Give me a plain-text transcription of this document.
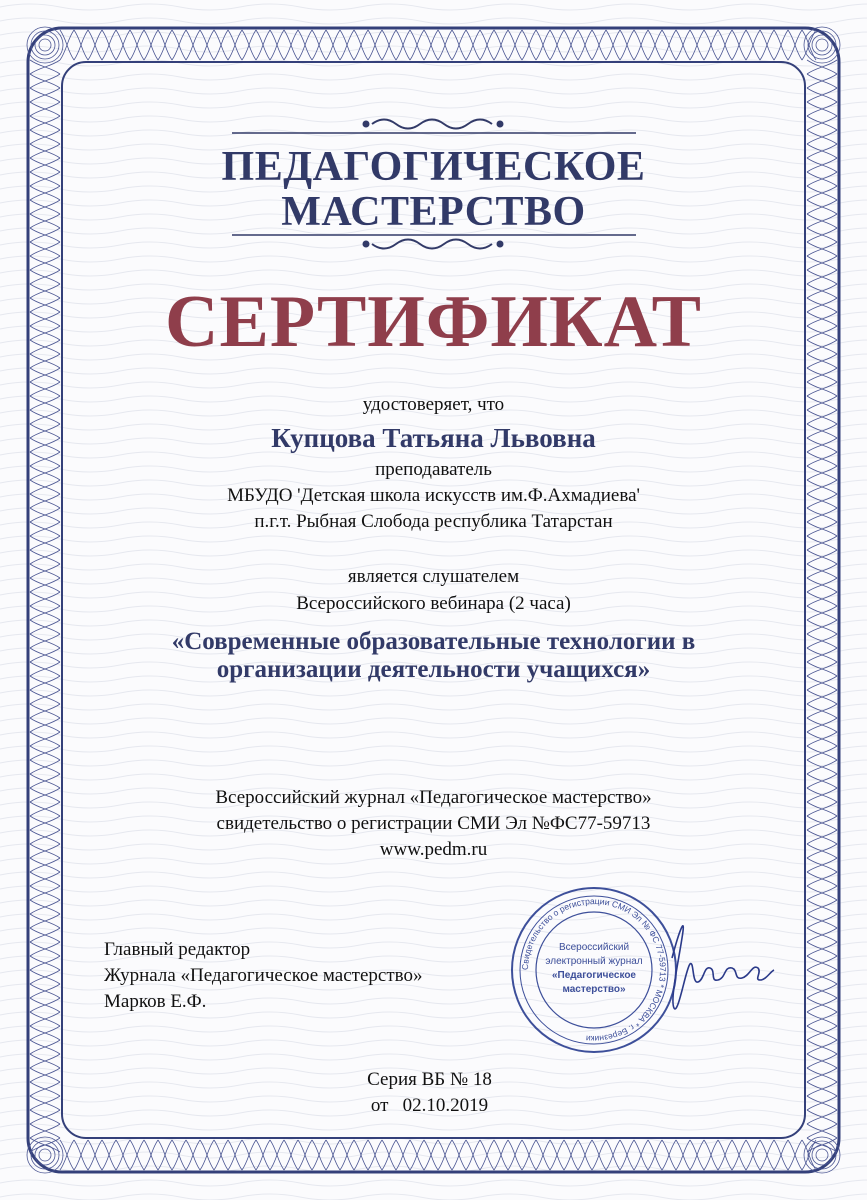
Свидетельство о регистрации СМИ Эл № ФС 77-59713 * МОСКВА * г. Березники
Всероссийский
электронный журнал
«Педагогическое
мастерство»
ПЕДАГОГИЧЕСКОЕ
МАСТЕРСТВО
СЕРТИФИКАТ
удостоверяет, что
Купцова Татьяна Львовна
преподаватель
МБУДО 'Детская школа искусств им.Ф.Ахмадиева'
п.г.т. Рыбная Слобода республика Татарстан
является слушателем
Всероссийского вебинара (2 часа)
«Современные образовательные технологии в
организации деятельности учащихся»
Всероссийский журнал «Педагогическое мастерство»
свидетельство о регистрации СМИ Эл №ФС77-59713
www.pedm.ru
Главный редактор
Журнала «Педагогическое мастерство»
Марков Е.Ф.
Серия ВБ № 18
от   02.10.2019
